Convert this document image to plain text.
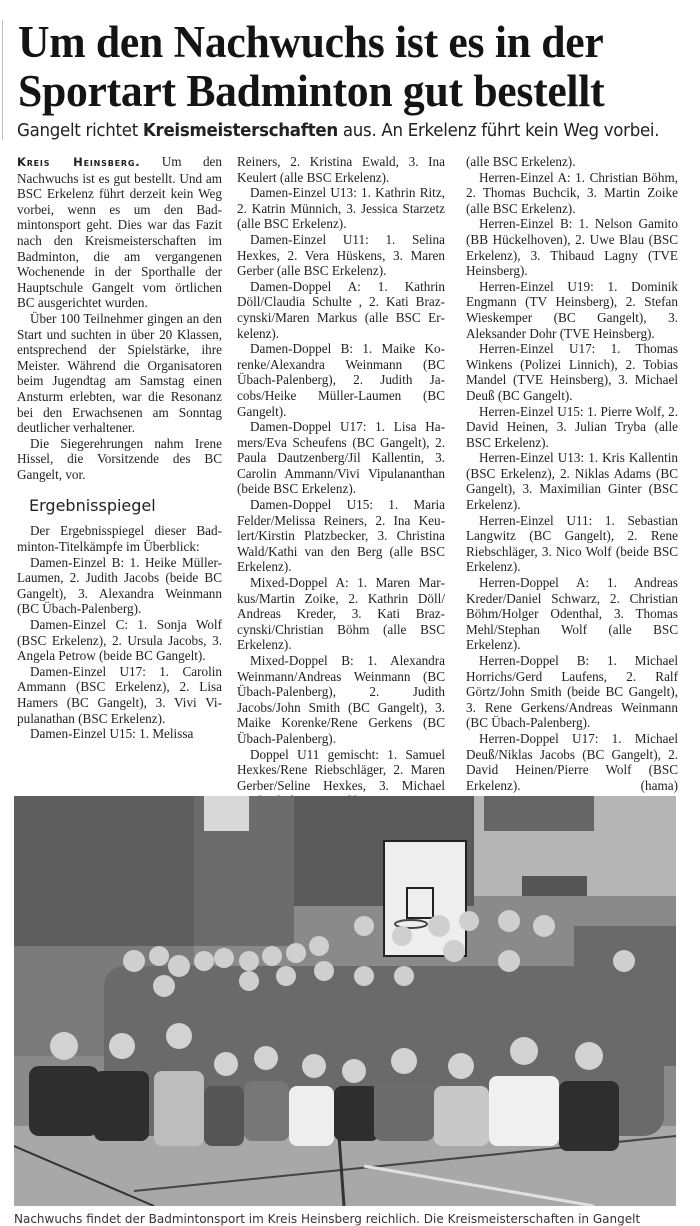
Um den Nachwuchs ist es in der
Sportart Badminton gut bestellt
Gangelt richtet Kreismeisterschaften aus. An Erkelenz führt kein Weg vorbei.

Kreis Heinsberg. Um den Nachwuchs ist es gut bestellt. Und am BSC Erkelenz führt derzeit kein Weg vorbei, wenn es um den Badmintonsport geht. Dies war das Fazit nach den Kreismeisterschaften im Badminton, die am vergangenen Wochenende in der Sporthalle der Hauptschule Gangelt vom örtlichen BC ausgerichtet wurden.

Über 100 Teilnehmer gingen an den Start und suchten in über 20 Klassen, entsprechend der Spielstärke, ihre Meister. Während die Organisatoren beim Jugendtag am Samstag einen Ansturm erlebten, war die Resonanz bei den Erwachsenen am Sonntag deutlicher verhaltener.

Die Siegerehrungen nahm Irene Hissel, die Vorsitzende des BC Gangelt, vor.

Ergebnisspiegel

Der Ergebnisspiegel dieser Badminton-Titelkämpfe im Überblick:

Damen-Einzel B: 1. Heike Müller-Laumen, 2. Judith Jacobs (beide BC Gangelt), 3. Alexandra Weinmann (BC Übach-Palenberg).

Damen-Einzel C: 1. Sonja Wolf (BSC Erkelenz), 2. Ursula Jacobs, 3. Angela Petrow (beide BC Gangelt).

Damen-Einzel U17: 1. Carolin Ammann (BSC Erkelenz), 2. Lisa Hamers (BC Gangelt), 3. Vivi Vipulanathan (BSC Erkelenz).

Damen-Einzel U15: 1. Melissa

Reiners, 2. Kristina Ewald, 3. Ina Keulert (alle BSC Erkelenz).

Damen-Einzel U13: 1. Kathrin Ritz, 2. Katrin Münnich, 3. Jessica Starzetz (alle BSC Erkelenz).

Damen-Einzel U11: 1. Selina Hexkes, 2. Vera Hüskens, 3. Maren Gerber (alle BSC Erkelenz).

Damen-Doppel A: 1. Kathrin Döll/Claudia Schulte , 2. Kati Brazcynski/Maren Markus (alle BSC Erkelenz).

Damen-Doppel B: 1. Maike Korenke/Alexandra Weinmann (BC Übach-Palenberg), 2. Judith Jacobs/Heike Müller-Laumen (BC Gangelt).

Damen-Doppel U17: 1. Lisa Hamers/Eva Scheufens (BC Gangelt), 2. Paula Dautzenberg/Jil Kallentin, 3. Carolin Ammann/Vivi Vipulananthan (beide BSC Erkelenz).

Damen-Doppel U15: 1. Maria Felder/Melissa Reiners, 2. Ina Keulert/Kirstin Platzbecker, 3. Christina Wald/Kathi van den Berg (alle BSC Erkelenz).

Mixed-Doppel A: 1. Maren Markus/Martin Zoike, 2. Kathrin Döll/ Andreas Kreder, 3. Kati Brazcynski/Christian Böhm (alle BSC Erkelenz).

Mixed-Doppel B: 1. Alexandra Weinmann/Andreas Weinmann (BC Übach-Palenberg), 2. Judith Jacobs/John Smith (BC Gangelt), 3. Maike Korenke/Rene Gerkens (BC Übach-Palenberg).

Doppel U11 gemischt: 1. Samuel Hexkes/Rene Riebschläger, 2. Maren Gerber/Seline Hexkes, 3. Michael

(alle BSC Erkelenz).

Herren-Einzel A: 1. Christian Böhm, 2. Thomas Buchcik, 3. Martin Zoike (alle BSC Erkelenz).

Herren-Einzel B: 1. Nelson Gamito (BB Hückelhoven), 2. Uwe Blau (BSC Erkelenz), 3. Thibaud Lagny (TVE Heinsberg).

Herren-Einzel U19: 1. Dominik Engmann (TV Heinsberg), 2. Stefan Wieskemper (BC Gangelt), 3. Aleksander Dohr (TVE Heinsberg).

Herren-Einzel U17: 1. Thomas Winkens (Polizei Linnich), 2. Tobias Mandel (TVE Heinsberg), 3. Michael Deuß (BC Gangelt).

Herren-Einzel U15: 1. Pierre Wolf, 2. David Heinen, 3. Julian Tryba (alle BSC Erkelenz).

Herren-Einzel U13: 1. Kris Kallentin (BSC Erkelenz), 2. Niklas Adams (BC Gangelt), 3. Maximilian Ginter (BSC Erkelenz).

Herren-Einzel U11: 1. Sebastian Langwitz (BC Gangelt), 2. Rene Riebschläger, 3. Nico Wolf (beide BSC Erkelenz).

Herren-Doppel A: 1. Andreas Kreder/Daniel Schwarz, 2. Christian Böhm/Holger Odenthal, 3. Thomas Mehl/Stephan Wolf (alle BSC Erkelenz).

Herren-Doppel B: 1. Michael Horrichs/Gerd Laufens, 2. Ralf Görtz/John Smith (beide BC Gangelt), 3. Rene Gerkens/Andreas Weinmann (BC Übach-Palenberg).

Herren-Doppel U17: 1. Michael Deuß/Niklas Jacobs (BC Gangelt), 2. David Heinen/Pierre Wolf (BSC Erkelenz).	(hama)

Nachwuchs findet der Badmintonsport im Kreis Heinsberg reichlich. Die Kreismeisterschaften in Gangelt
